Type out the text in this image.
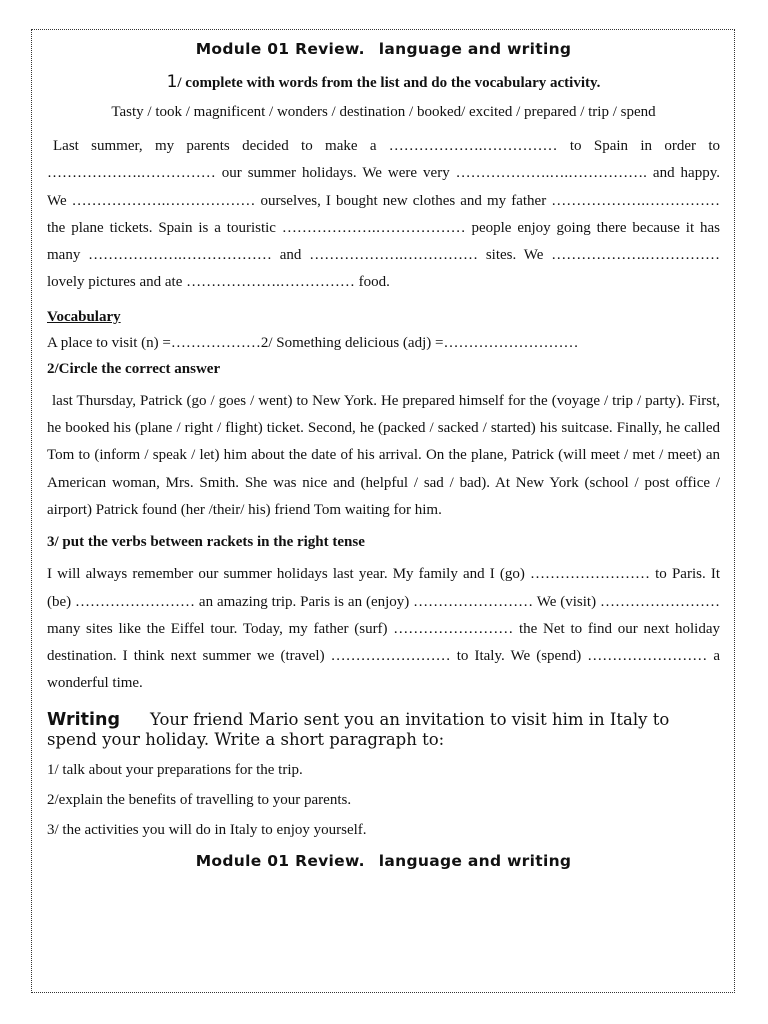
Module 01 Review. language and writing
1/ complete with words from the list and do the vocabulary activity.
Tasty / took / magnificent / wonders / destination / booked/ excited / prepared / trip / spend
Last summer, my parents decided to make a ……………….…………… to Spain in order to ……………….…………… our summer holidays. We were very ……………….….……………. and happy. We ……………….……………… ourselves, I bought new clothes and my father ……………….…………… the plane tickets. Spain is a touristic ……………….……………… people enjoy going there because it has many ……………….……………… and ……………….…………… sites. We ……………….…………… lovely pictures and ate ……………….…………… food.
Vocabulary
A place to visit (n) =………………2/ Something delicious (adj) =………………………
2/Circle the correct answer
last Thursday, Patrick (go / goes / went) to New York. He prepared himself for the (voyage / trip / party). First, he booked his (plane / right / flight) ticket. Second, he (packed / sacked / started) his suitcase. Finally, he called Tom to (inform / speak / let) him about the date of his arrival. On the plane, Patrick (will meet / met / meet) an American woman, Mrs. Smith. She was nice and (helpful / sad / bad). At New York (school / post office / airport) Patrick found (her /their/ his) friend Tom waiting for him.
3/ put the verbs between rackets in the right tense
I will always remember our summer holidays last year. My family and I (go) …………………… to Paris. It (be) …………………… an amazing trip. Paris is an (enjoy) …………………… We (visit) …………………… many sites like the Eiffel tour. Today, my father (surf) …………………… the Net to find our next holiday destination. I think next summer we (travel) …………………… to Italy. We (spend) …………………… a wonderful time.
Writing Your friend Mario sent you an invitation to visit him in Italy to spend your holiday. Write a short paragraph to:
1/ talk about your preparations for the trip.
2/explain the benefits of travelling to your parents.
3/ the activities you will do in Italy to enjoy yourself.
Module 01 Review. language and writing
